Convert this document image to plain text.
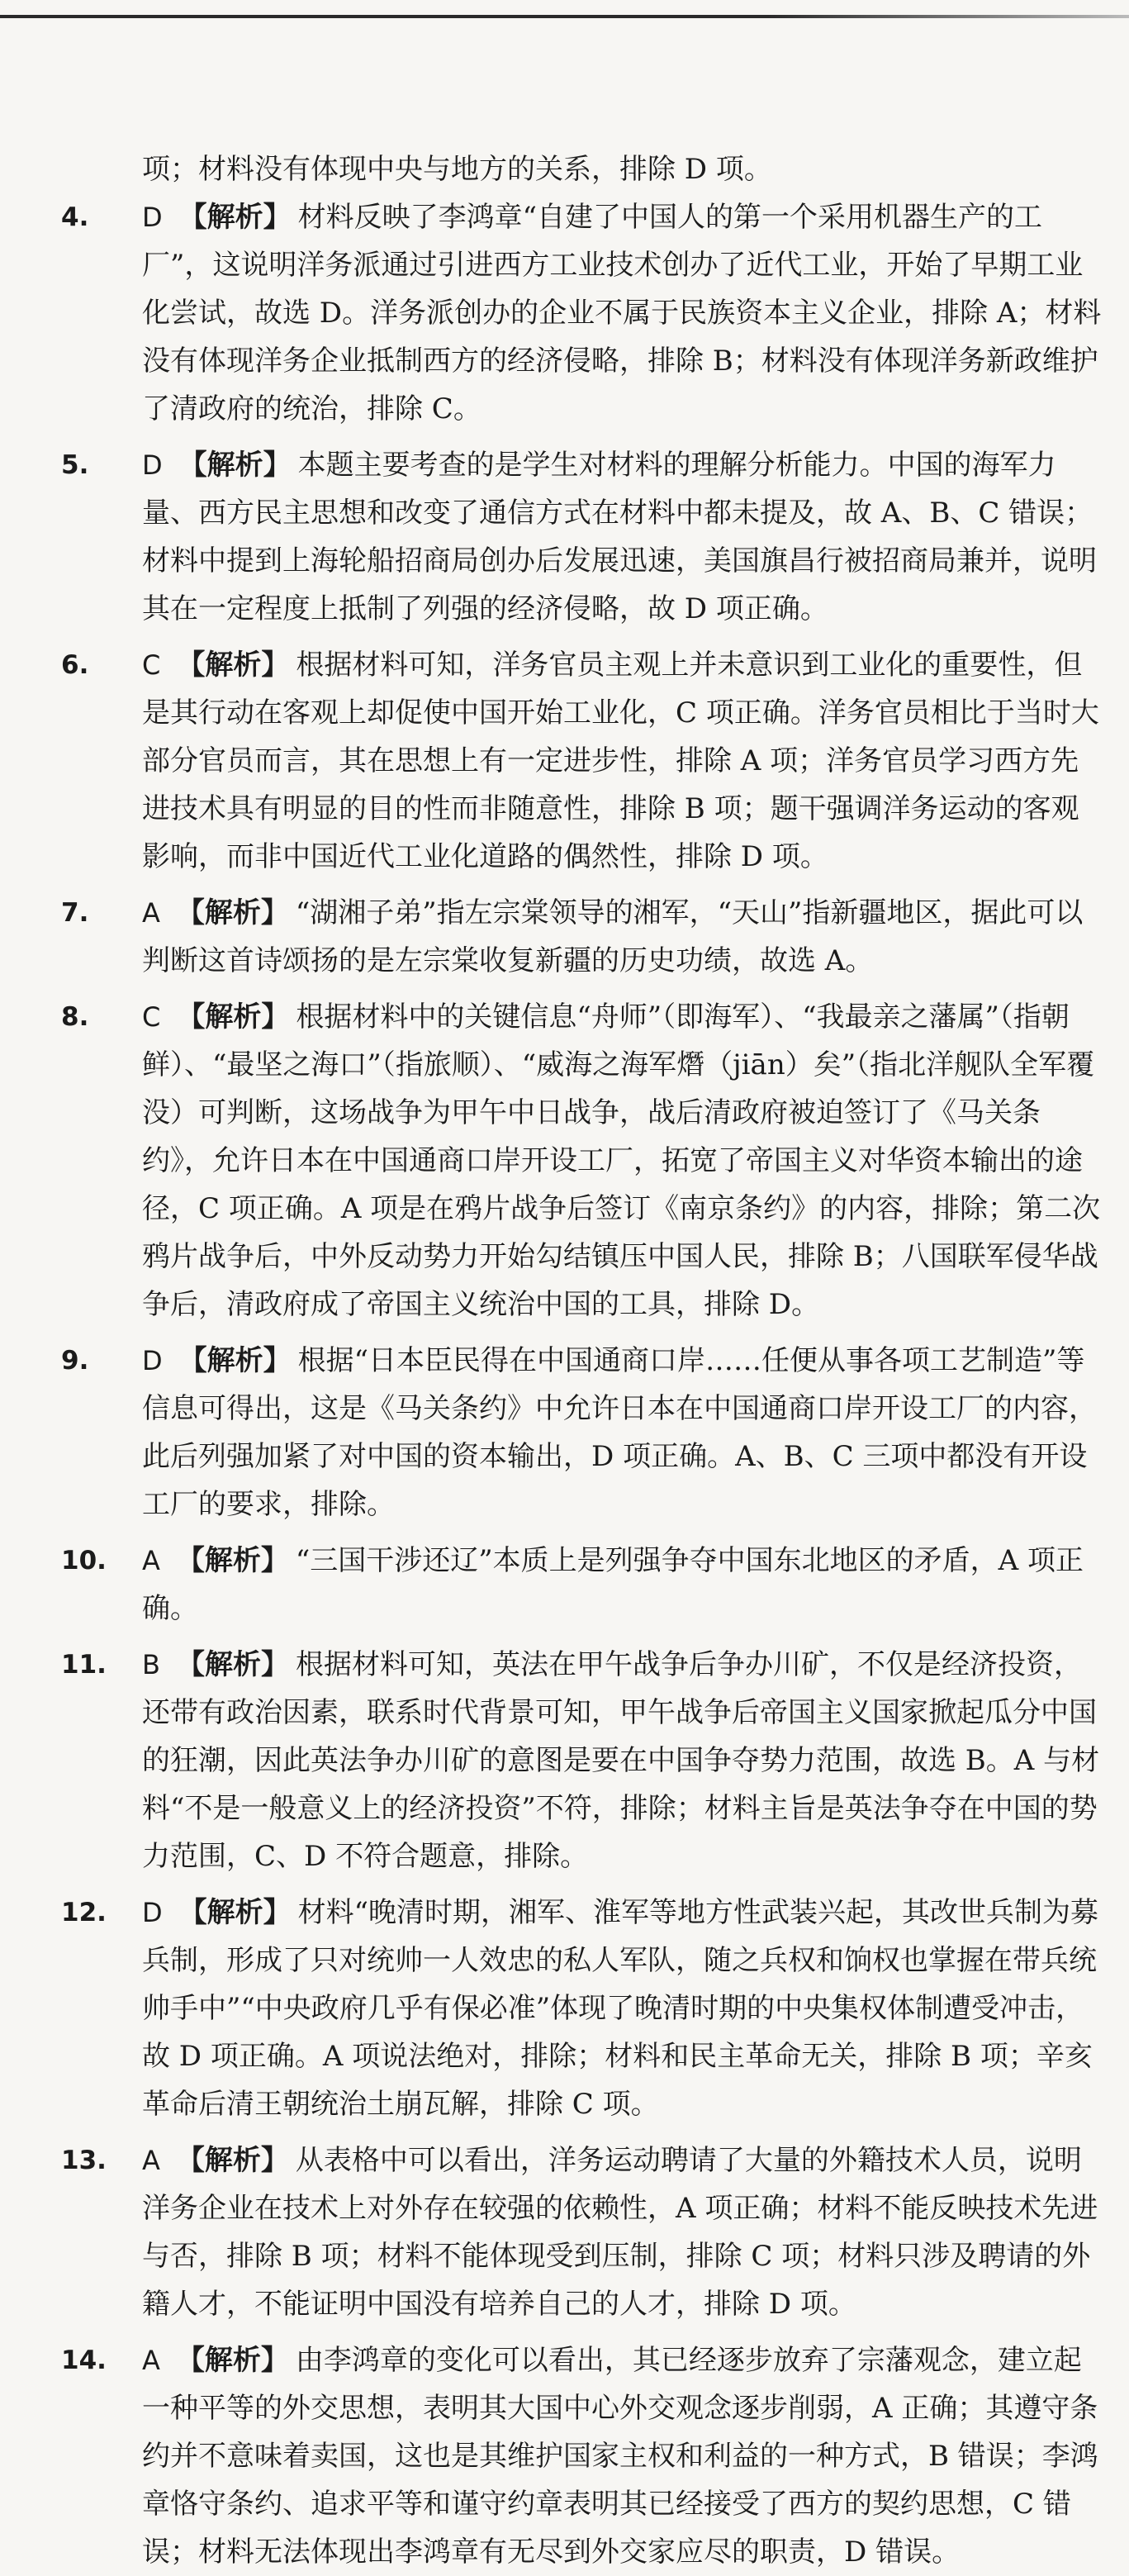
项；材料没有体现中央与地方的关系，排除 D 项。
4.	D 【解析】 材料反映了李鸿章“自建了中国人的第一个采用机器生产的工厂”，这说明洋务派通过引进西方工业技术创办了近代工业，开始了早期工业化尝试，故选 D。洋务派创办的企业不属于民族资本主义企业，排除 A；材料没有体现洋务企业抵制西方的经济侵略，排除 B；材料没有体现洋务新政维护了清政府的统治，排除 C。
5.	D 【解析】 本题主要考查的是学生对材料的理解分析能力。中国的海军力量、西方民主思想和改变了通信方式在材料中都未提及，故 A、B、C 错误；材料中提到上海轮船招商局创办后发展迅速，美国旗昌行被招商局兼并，说明其在一定程度上抵制了列强的经济侵略，故 D 项正确。
6.	C 【解析】 根据材料可知，洋务官员主观上并未意识到工业化的重要性，但是其行动在客观上却促使中国开始工业化，C 项正确。洋务官员相比于当时大部分官员而言，其在思想上有一定进步性，排除 A 项；洋务官员学习西方先进技术具有明显的目的性而非随意性，排除 B 项；题干强调洋务运动的客观影响，而非中国近代工业化道路的偶然性，排除 D 项。
7.	A 【解析】 “湖湘子弟”指左宗棠领导的湘军，“天山”指新疆地区，据此可以判断这首诗颂扬的是左宗棠收复新疆的历史功绩，故选 A。
8.	C 【解析】 根据材料中的关键信息“舟师”（即海军）、“我最亲之藩属”（指朝鲜）、“最坚之海口”（指旅顺）、“威海之海军熸（jiān）矣”（指北洋舰队全军覆没）可判断，这场战争为甲午中日战争，战后清政府被迫签订了《马关条约》，允许日本在中国通商口岸开设工厂，拓宽了帝国主义对华资本输出的途径，C 项正确。A 项是在鸦片战争后签订《南京条约》的内容，排除；第二次鸦片战争后，中外反动势力开始勾结镇压中国人民，排除 B；八国联军侵华战争后，清政府成了帝国主义统治中国的工具，排除 D。
9.	D 【解析】 根据“日本臣民得在中国通商口岸……任便从事各项工艺制造”等信息可得出，这是《马关条约》中允许日本在中国通商口岸开设工厂的内容，此后列强加紧了对中国的资本输出，D 项正确。A、B、C 三项中都没有开设工厂的要求，排除。
10.	A 【解析】 “三国干涉还辽”本质上是列强争夺中国东北地区的矛盾，A 项正确。
11.	B 【解析】 根据材料可知，英法在甲午战争后争办川矿，不仅是经济投资，还带有政治因素，联系时代背景可知，甲午战争后帝国主义国家掀起瓜分中国的狂潮，因此英法争办川矿的意图是要在中国争夺势力范围，故选 B。A 与材料“不是一般意义上的经济投资”不符，排除；材料主旨是英法争夺在中国的势力范围，C、D 不符合题意，排除。
12.	D 【解析】 材料“晚清时期，湘军、淮军等地方性武装兴起，其改世兵制为募兵制，形成了只对统帅一人效忠的私人军队，随之兵权和饷权也掌握在带兵统帅手中”“中央政府几乎有保必准”体现了晚清时期的中央集权体制遭受冲击，故 D 项正确。A 项说法绝对，排除；材料和民主革命无关，排除 B 项；辛亥革命后清王朝统治土崩瓦解，排除 C 项。
13.	A 【解析】 从表格中可以看出，洋务运动聘请了大量的外籍技术人员，说明洋务企业在技术上对外存在较强的依赖性，A 项正确；材料不能反映技术先进与否，排除 B 项；材料不能体现受到压制，排除 C 项；材料只涉及聘请的外籍人才，不能证明中国没有培养自己的人才，排除 D 项。
14.	A 【解析】 由李鸿章的变化可以看出，其已经逐步放弃了宗藩观念，建立起一种平等的外交思想，表明其大国中心外交观念逐步削弱，A 正确；其遵守条约并不意味着卖国，这也是其维护国家主权和利益的一种方式，B 错误；李鸿章恪守条约、追求平等和谨守约章表明其已经接受了西方的契约思想，C 错误；材料无法体现出李鸿章有无尽到外交家应尽的职责，D 错误。
